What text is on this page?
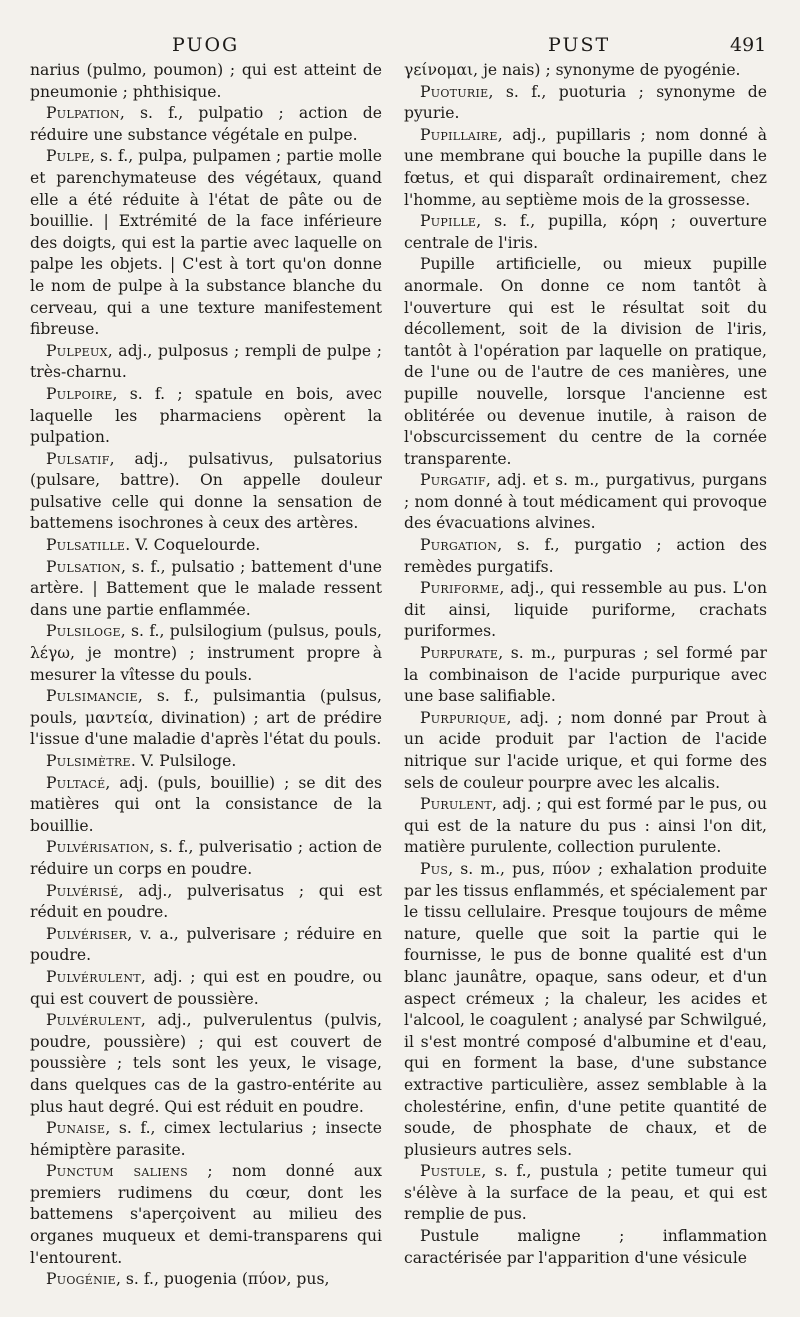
PUOG	PUST	491

narius (pulmo, poumon) ; qui est atteint de pneumonie ; phthisique.

Pulpation, s. f., pulpatio ; action de réduire une substance végétale en pulpe.

Pulpe, s. f., pulpa, pulpamen ; partie molle et parenchymateuse des végétaux, quand elle a été réduite à l'état de pâte ou de bouillie. | Extrémité de la face inférieure des doigts, qui est la partie avec laquelle on palpe les objets. | C'est à tort qu'on donne le nom de pulpe à la substance blanche du cerveau, qui a une texture manifestement fibreuse.

Pulpeux, adj., pulposus ; rempli de pulpe ; très-charnu.

Pulpoire, s. f. ; spatule en bois, avec laquelle les pharmaciens opèrent la pulpation.

Pulsatif, adj., pulsativus, pulsatorius (pulsare, battre). On appelle douleur pulsative celle qui donne la sensation de battemens isochrones à ceux des artères.

Pulsatille. V. Coquelourde.

Pulsation, s. f., pulsatio ; battement d'une artère. | Battement que le malade ressent dans une partie enflammée.

Pulsiloge, s. f., pulsilogium (pulsus, pouls, λέγω, je montre) ; instrument propre à mesurer la vîtesse du pouls.

Pulsimancie, s. f., pulsimantia (pulsus, pouls, μαντεία, divination) ; art de prédire l'issue d'une maladie d'après l'état du pouls.

Pulsimètre. V. Pulsiloge.

Pultacé, adj. (puls, bouillie) ; se dit des matières qui ont la consistance de la bouillie.

Pulvérisation, s. f., pulverisatio ; action de réduire un corps en poudre.

Pulvérisé, adj., pulverisatus ; qui est réduit en poudre.

Pulvériser, v. a., pulverisare ; réduire en poudre.

Pulvérulent, adj. ; qui est en poudre, ou qui est couvert de poussière.

Pulvérulent, adj., pulverulentus (pulvis, poudre, poussière) ; qui est couvert de poussière ; tels sont les yeux, le visage, dans quelques cas de la gastro-entérite au plus haut degré. Qui est réduit en poudre.

Punaise, s. f., cimex lectularius ; insecte hémiptère parasite.

Punctum saliens ; nom donné aux premiers rudimens du cœur, dont les battemens s'aperçoivent au milieu des organes muqueux et demi-transparens qui l'entourent.

Puogénie, s. f., puogenia (πύον, pus,

γείνομαι, je nais) ; synonyme de pyogénie.

Puoturie, s. f., puoturia ; synonyme de pyurie.

Pupillaire, adj., pupillaris ; nom donné à une membrane qui bouche la pupille dans le fœtus, et qui disparaît ordinairement, chez l'homme, au septième mois de la grossesse.

Pupille, s. f., pupilla, κόρη ; ouverture centrale de l'iris.

Pupille artificielle, ou mieux pupille anormale. On donne ce nom tantôt à l'ouverture qui est le résultat soit du décollement, soit de la division de l'iris, tantôt à l'opération par laquelle on pratique, de l'une ou de l'autre de ces manières, une pupille nouvelle, lorsque l'ancienne est oblitérée ou devenue inutile, à raison de l'obscurcissement du centre de la cornée transparente.

Purgatif, adj. et s. m., purgativus, purgans ; nom donné à tout médicament qui provoque des évacuations alvines.

Purgation, s. f., purgatio ; action des remèdes purgatifs.

Puriforme, adj., qui ressemble au pus. L'on dit ainsi, liquide puriforme, crachats puriformes.

Purpurate, s. m., purpuras ; sel formé par la combinaison de l'acide purpurique avec une base salifiable.

Purpurique, adj. ; nom donné par Prout à un acide produit par l'action de l'acide nitrique sur l'acide urique, et qui forme des sels de couleur pourpre avec les alcalis.

Purulent, adj. ; qui est formé par le pus, ou qui est de la nature du pus : ainsi l'on dit, matière purulente, collection purulente.

Pus, s. m., pus, πύον ; exhalation produite par les tissus enflammés, et spécialement par le tissu cellulaire. Presque toujours de même nature, quelle que soit la partie qui le fournisse, le pus de bonne qualité est d'un blanc jaunâtre, opaque, sans odeur, et d'un aspect crémeux ; la chaleur, les acides et l'alcool, le coagulent ; analysé par Schwilgué, il s'est montré composé d'albumine et d'eau, qui en forment la base, d'une substance extractive particulière, assez semblable à la cholestérine, enfin, d'une petite quantité de soude, de phosphate de chaux, et de plusieurs autres sels.

Pustule, s. f., pustula ; petite tumeur qui s'élève à la surface de la peau, et qui est remplie de pus.

Pustule maligne ; inflammation caractérisée par l'apparition d'une vésicule
